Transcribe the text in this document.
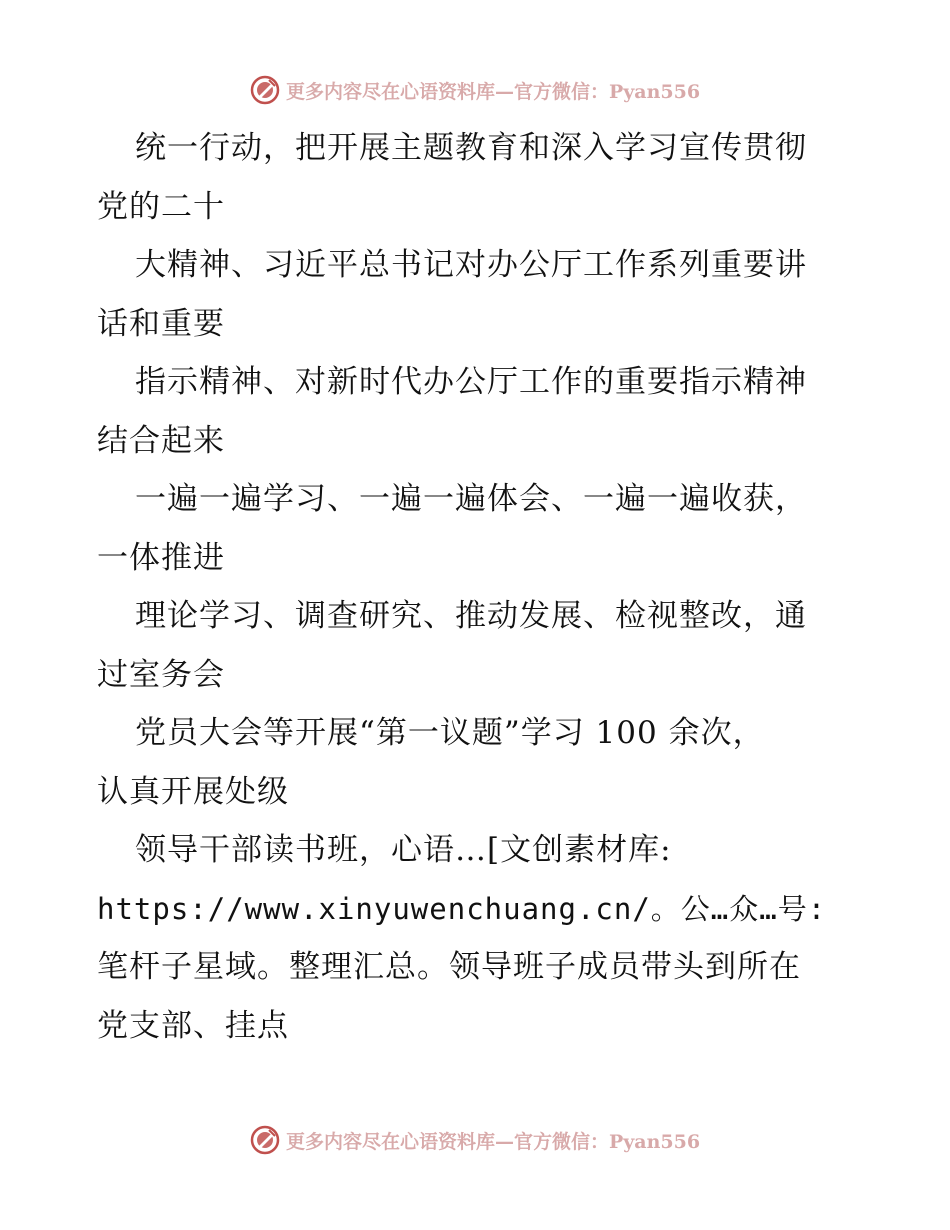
更多内容尽在心语资料库—官方微信：Pyan556
统一行动，把开展主题教育和深入学习宣传贯彻
党的二十
大精神、习近平总书记对办公厅工作系列重要讲
话和重要
指示精神、对新时代办公厅工作的重要指示精神
结合起来
一遍一遍学习、一遍一遍体会、一遍一遍收获，
一体推进
理论学习、调查研究、推动发展、检视整改，通
过室务会
党员大会等开展“第一议题”学习 100 余次，
认真开展处级
领导干部读书班，心语…[文创素材库:
https://www.xinyuwenchuang.cn/。公…众…号:
笔杆子星域。整理汇总。领导班子成员带头到所在
党支部、挂点
更多内容尽在心语资料库—官方微信：Pyan556
